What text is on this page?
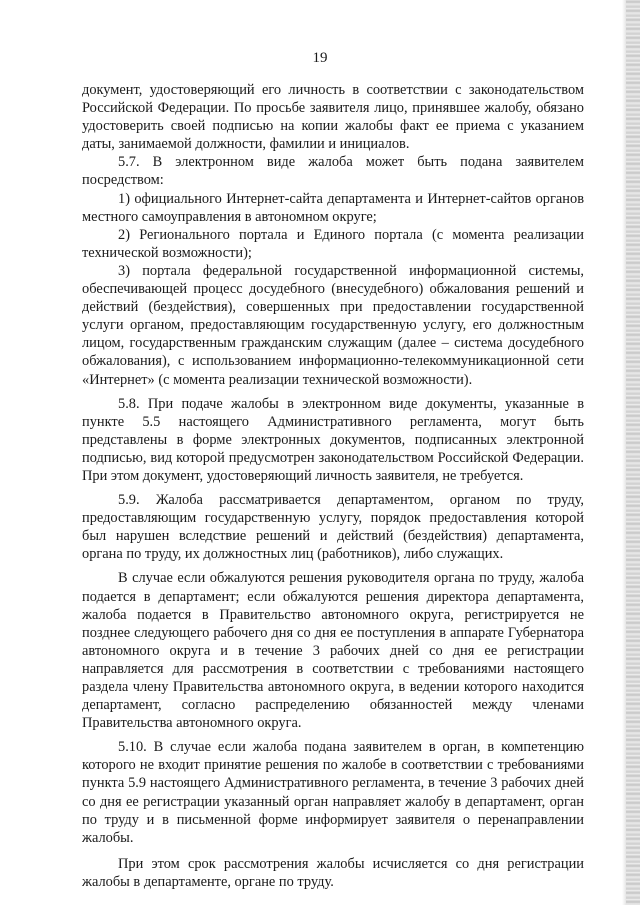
19

документ, удостоверяющий его личность в соответствии с законодательством Российской Федерации. По просьбе заявителя лицо, принявшее жалобу, обязано удостоверить своей подписью на копии жалобы факт ее приема с указанием даты, занимаемой должности, фамилии и инициалов.

5.7. В электронном виде жалоба может быть подана заявителем посредством:

1) официального Интернет-сайта департамента и Интернет-сайтов органов местного самоуправления в автономном округе;

2) Регионального портала и Единого портала (с момента реализации технической возможности);

3) портала федеральной государственной информационной системы, обеспечивающей процесс досудебного (внесудебного) обжалования решений и действий (бездействия), совершенных при предоставлении государственной услуги органом, предоставляющим государственную услугу, его должностным лицом, государственным гражданским служащим (далее – система досудебного обжалования), с использованием информационно-телекоммуникационной сети «Интернет» (с момента реализации технической возможности).

5.8. При подаче жалобы в электронном виде документы, указанные в пункте 5.5 настоящего Административного регламента, могут быть представлены в форме электронных документов, подписанных электронной подписью, вид которой предусмотрен законодательством Российской Федерации. При этом документ, удостоверяющий личность заявителя, не требуется.

5.9. Жалоба рассматривается департаментом, органом по труду, предоставляющим государственную услугу, порядок предоставления которой был нарушен вследствие решений и действий (бездействия) департамента, органа по труду, их должностных лиц (работников), либо служащих.

В случае если обжалуются решения руководителя органа по труду, жалоба подается в департамент; если обжалуются решения директора департамента, жалоба подается в Правительство автономного округа, регистрируется не позднее следующего рабочего дня со дня ее поступления в аппарате Губернатора автономного округа и в течение 3 рабочих дней со дня ее регистрации направляется для рассмотрения в соответствии с требованиями настоящего раздела члену Правительства автономного округа, в ведении которого находится департамент, согласно распределению обязанностей между членами Правительства автономного округа.

5.10. В случае если жалоба подана заявителем в орган, в компетенцию которого не входит принятие решения по жалобе в соответствии с требованиями пункта 5.9 настоящего Административного регламента, в течение 3 рабочих дней со дня ее регистрации указанный орган направляет жалобу в департамент, орган по труду и в письменной форме информирует заявителя о перенаправлении жалобы.

При этом срок рассмотрения жалобы исчисляется со дня регистрации жалобы в департаменте, органе по труду.
